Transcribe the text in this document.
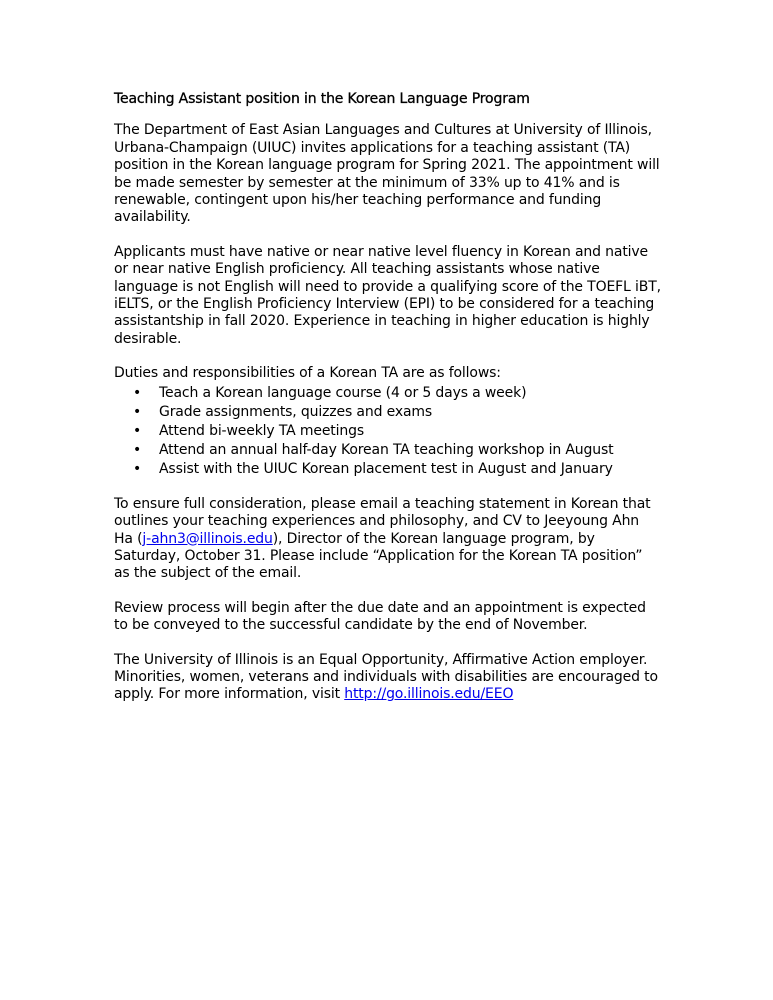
Teaching Assistant position in the Korean Language Program

The Department of East Asian Languages and Cultures at University of Illinois, Urbana-Champaign (UIUC) invites applications for a teaching assistant (TA) position in the Korean language program for Spring 2021. The appointment will be made semester by semester at the minimum of 33% up to 41% and is renewable, contingent upon his/her teaching performance and funding availability.

Applicants must have native or near native level fluency in Korean and native or near native English proficiency. All teaching assistants whose native language is not English will need to provide a qualifying score of the TOEFL iBT, iELTS, or the English Proficiency Interview (EPI) to be considered for a teaching assistantship in fall 2020. Experience in teaching in higher education is highly desirable.

Duties and responsibilities of a Korean TA are as follows:
• Teach a Korean language course (4 or 5 days a week)
• Grade assignments, quizzes and exams
• Attend bi-weekly TA meetings
• Attend an annual half-day Korean TA teaching workshop in August
• Assist with the UIUC Korean placement test in August and January

To ensure full consideration, please email a teaching statement in Korean that outlines your teaching experiences and philosophy, and CV to Jeeyoung Ahn Ha (j-ahn3@illinois.edu), Director of the Korean language program, by Saturday, October 31. Please include “Application for the Korean TA position” as the subject of the email.

Review process will begin after the due date and an appointment is expected to be conveyed to the successful candidate by the end of November.

The University of Illinois is an Equal Opportunity, Affirmative Action employer. Minorities, women, veterans and individuals with disabilities are encouraged to apply. For more information, visit http://go.illinois.edu/EEO
